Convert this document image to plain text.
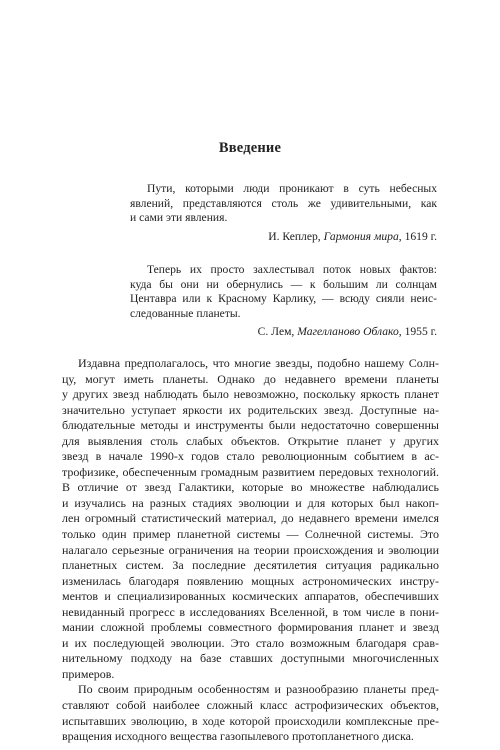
Введение
Пути, которыми люди проникают в суть небесных
явлений, представляются столь же удивительными, как
и сами эти явления.
И. Кеплер, Гармония мира, 1619 г.
Теперь их просто захлестывал поток новых фактов:
куда бы они ни обернулись — к большим ли солнцам
Центавра или к Красному Карлику, — всюду сияли неис-
следованные планеты.
С. Лем, Магелланово Облако, 1955 г.
Издавна предполагалось, что многие звезды, подобно нашему Солн-
цу, могут иметь планеты. Однако до недавнего времени планеты
у других звезд наблюдать было невозможно, поскольку яркость планет
значительно уступает яркости их родительских звезд. Доступные на-
блюдательные методы и инструменты были недостаточно совершенны
для выявления столь слабых объектов. Открытие планет у других
звезд в начале 1990-х годов стало революционным событием в ас-
трофизике, обеспеченным громадным развитием передовых технологий.
В отличие от звезд Галактики, которые во множестве наблюдались
и изучались на разных стадиях эволюции и для которых был накоп-
лен огромный статистический материал, до недавнего времени имелся
только один пример планетной системы — Солнечной системы. Это
налагало серьезные ограничения на теории происхождения и эволюции
планетных систем. За последние десятилетия ситуация радикально
изменилась благодаря появлению мощных астрономических инстру-
ментов и специализированных космических аппаратов, обеспечивших
невиданный прогресс в исследованиях Вселенной, в том числе в пони-
мании сложной проблемы совместного формирования планет и звезд
и их последующей эволюции. Это стало возможным благодаря срав-
нительному подходу на базе ставших доступными многочисленных
примеров.
По своим природным особенностям и разнообразию планеты пред-
ставляют собой наиболее сложный класс астрофизических объектов,
испытавших эволюцию, в ходе которой происходили комплексные пре-
вращения исходного вещества газопылевого протопланетного диска.
